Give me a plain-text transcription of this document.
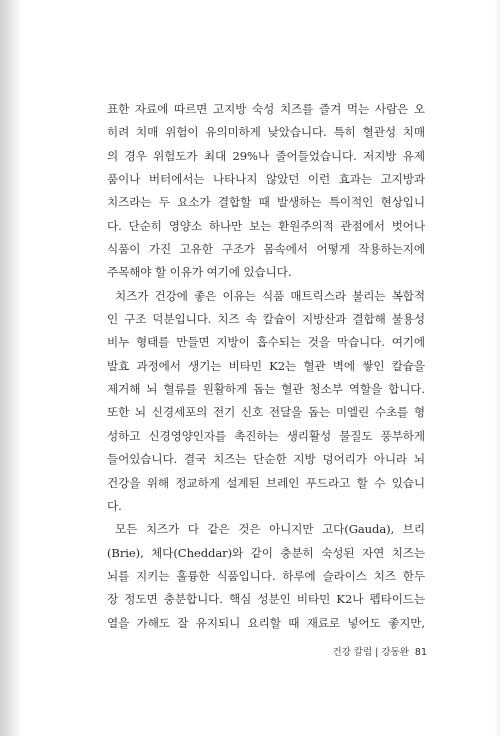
표한 자료에 따르면 고지방 숙성 치즈를 즐겨 먹는 사람은 오
히려 치매 위험이 유의미하게 낮았습니다. 특히 혈관성 치매
의 경우 위험도가 최대 29%나 줄어들었습니다. 저지방 유제
품이나 버터에서는 나타나지 않았던 이런 효과는 고지방과
치즈라는 두 요소가 결합할 때 발생하는 특이적인 현상입니
다. 단순히 영양소 하나만 보는 환원주의적 관점에서 벗어나
식품이 가진 고유한 구조가 몸속에서 어떻게 작용하는지에
주목해야 할 이유가 여기에 있습니다.
치즈가 건강에 좋은 이유는 식품 매트릭스라 불리는 복합적
인 구조 덕분입니다. 치즈 속 칼슘이 지방산과 결합해 불용성
비누 형태를 만들면 지방이 흡수되는 것을 막습니다. 여기에
발효 과정에서 생기는 비타민 K2는 혈관 벽에 쌓인 칼슘을
제거해 뇌 혈류를 원활하게 돕는 혈관 청소부 역할을 합니다.
또한 뇌 신경세포의 전기 신호 전달을 돕는 미엘린 수초를 형
성하고 신경영양인자를 촉진하는 생리활성 물질도 풍부하게
들어있습니다. 결국 치즈는 단순한 지방 덩어리가 아니라 뇌
건강을 위해 정교하게 설계된 브레인 푸드라고 할 수 있습니
다.
모든 치즈가 다 같은 것은 아니지만 고다(Gauda), 브리
(Brie), 체다(Cheddar)와 같이 충분히 숙성된 자연 치즈는
뇌를 지키는 훌륭한 식품입니다. 하루에 슬라이스 치즈 한두
장 정도면 충분합니다. 핵심 성분인 비타민 K2나 펩타이드는
열을 가해도 잘 유지되니 요리할 때 재료로 넣어도 좋지만,
건강 칼럼 | 강동완 81
